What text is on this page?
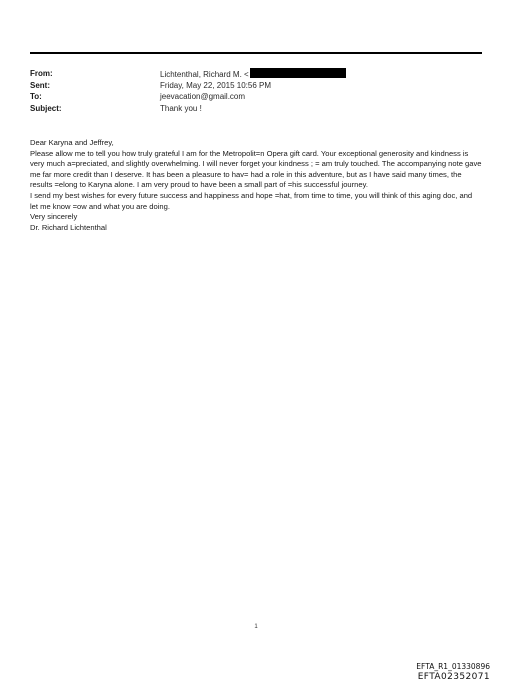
From:	Lichtenthal, Richard M. <
Sent:	Friday, May 22, 2015 10:56 PM
To:	jeevacation@gmail.com
Subject:	Thank you !

Dear Karyna and Jeffrey,

Please allow me to tell you how truly grateful I am for the Metropolit=n Opera gift card. Your exceptional generosity and kindness is very much a=preciated, and slightly overwhelming. I will never forget your kindness ; = am truly touched. The accompanying note gave me far more credit than I deserve. It has been a pleasure to hav= had a role in this adventure, but as I have said many times, the results =elong to Karyna alone. I am very proud to have been a small part of =his successful journey.

I send my best wishes for every future success and happiness and hope =hat, from time to time, you will think of this aging doc, and let me know =ow and what you are doing.

Very sincerely

Dr. Richard Lichtenthal

1
EFTA_R1_01330896
EFTA02352071
